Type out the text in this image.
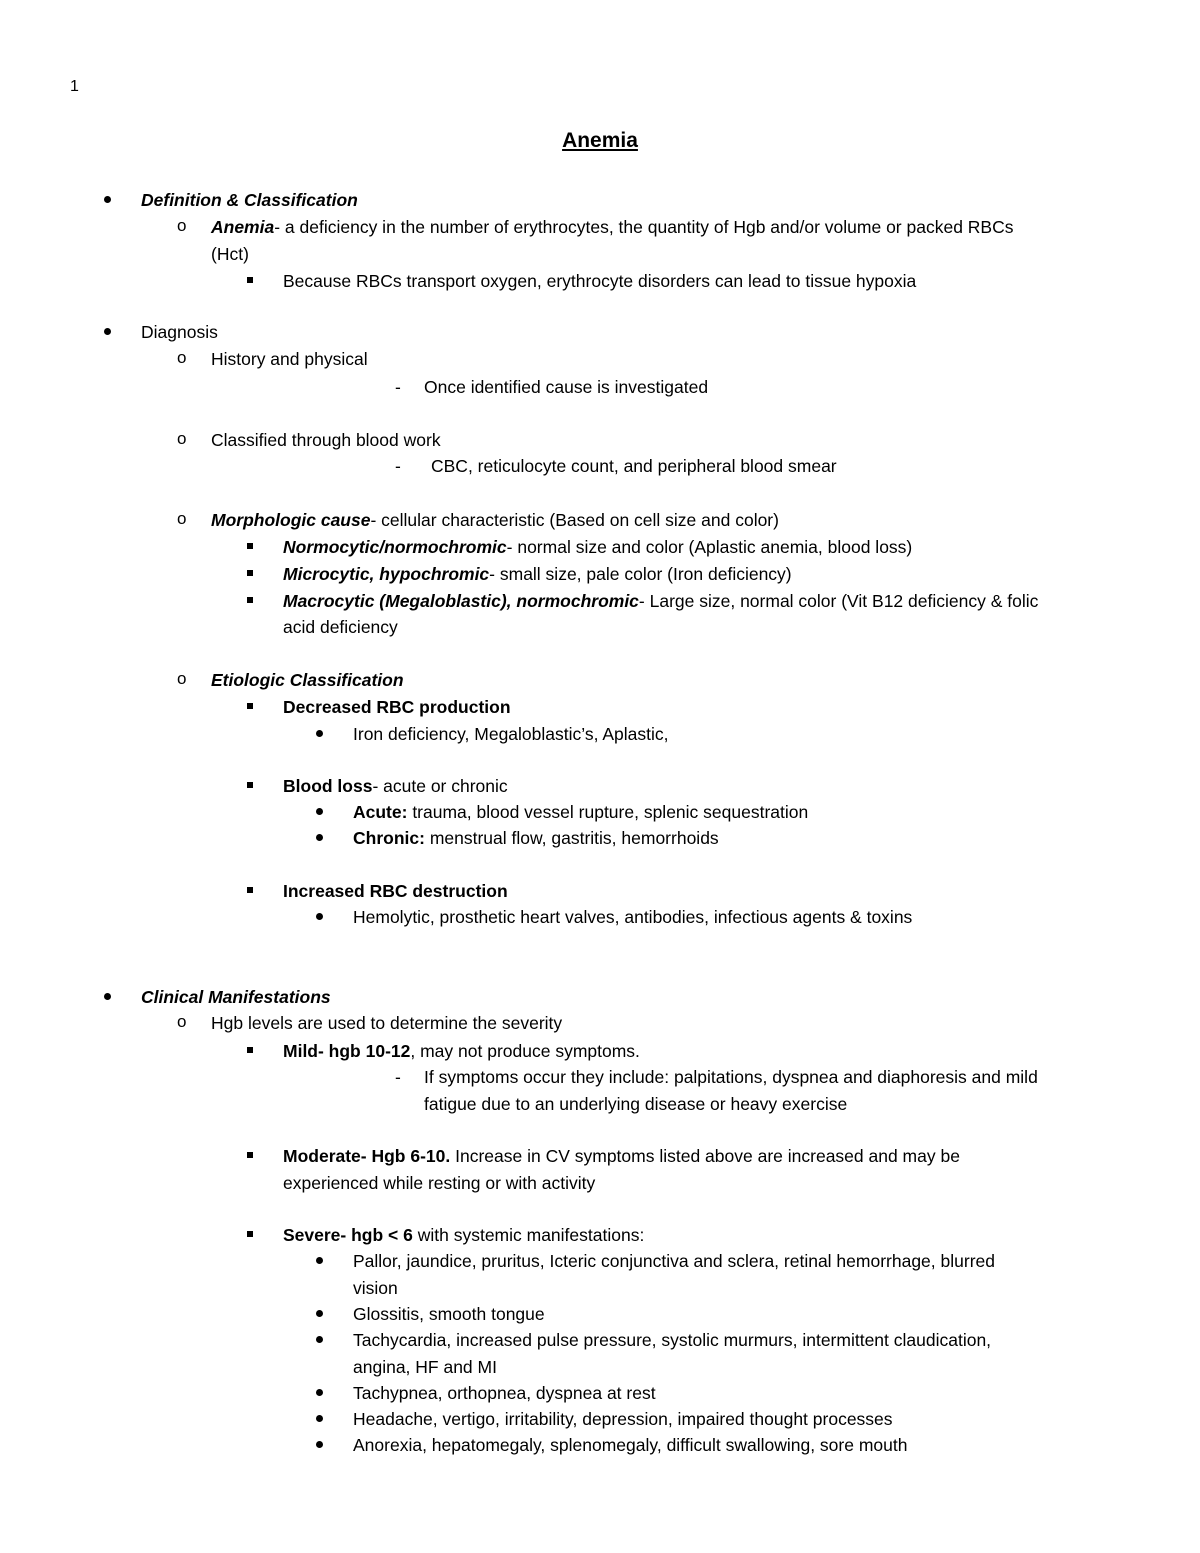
1
Anemia
Definition & Classification
o Anemia- a deficiency in the number of erythrocytes, the quantity of Hgb and/or volume or packed RBCs
(Hct)
Because RBCs transport oxygen, erythrocyte disorders can lead to tissue hypoxia
Diagnosis
o History and physical
- Once identified cause is investigated
o Classified through blood work
- CBC, reticulocyte count, and peripheral blood smear
o Morphologic cause- cellular characteristic (Based on cell size and color)
Normocytic/normochromic- normal size and color (Aplastic anemia, blood loss)
Microcytic, hypochromic- small size, pale color (Iron deficiency)
Macrocytic (Megaloblastic), normochromic- Large size, normal color (Vit B12 deficiency & folic
acid deficiency
o Etiologic Classification
Decreased RBC production
Iron deficiency, Megaloblastic’s, Aplastic,
Blood loss- acute or chronic
Acute: trauma, blood vessel rupture, splenic sequestration
Chronic: menstrual flow, gastritis, hemorrhoids
Increased RBC destruction
Hemolytic, prosthetic heart valves, antibodies, infectious agents & toxins
Clinical Manifestations
o Hgb levels are used to determine the severity
Mild- hgb 10-12, may not produce symptoms.
- If symptoms occur they include: palpitations, dyspnea and diaphoresis and mild
fatigue due to an underlying disease or heavy exercise
Moderate- Hgb 6-10. Increase in CV symptoms listed above are increased and may be
experienced while resting or with activity
Severe- hgb < 6 with systemic manifestations:
Pallor, jaundice, pruritus, Icteric conjunctiva and sclera, retinal hemorrhage, blurred
vision
Glossitis, smooth tongue
Tachycardia, increased pulse pressure, systolic murmurs, intermittent claudication,
angina, HF and MI
Tachypnea, orthopnea, dyspnea at rest
Headache, vertigo, irritability, depression, impaired thought processes
Anorexia, hepatomegaly, splenomegaly, difficult swallowing, sore mouth
